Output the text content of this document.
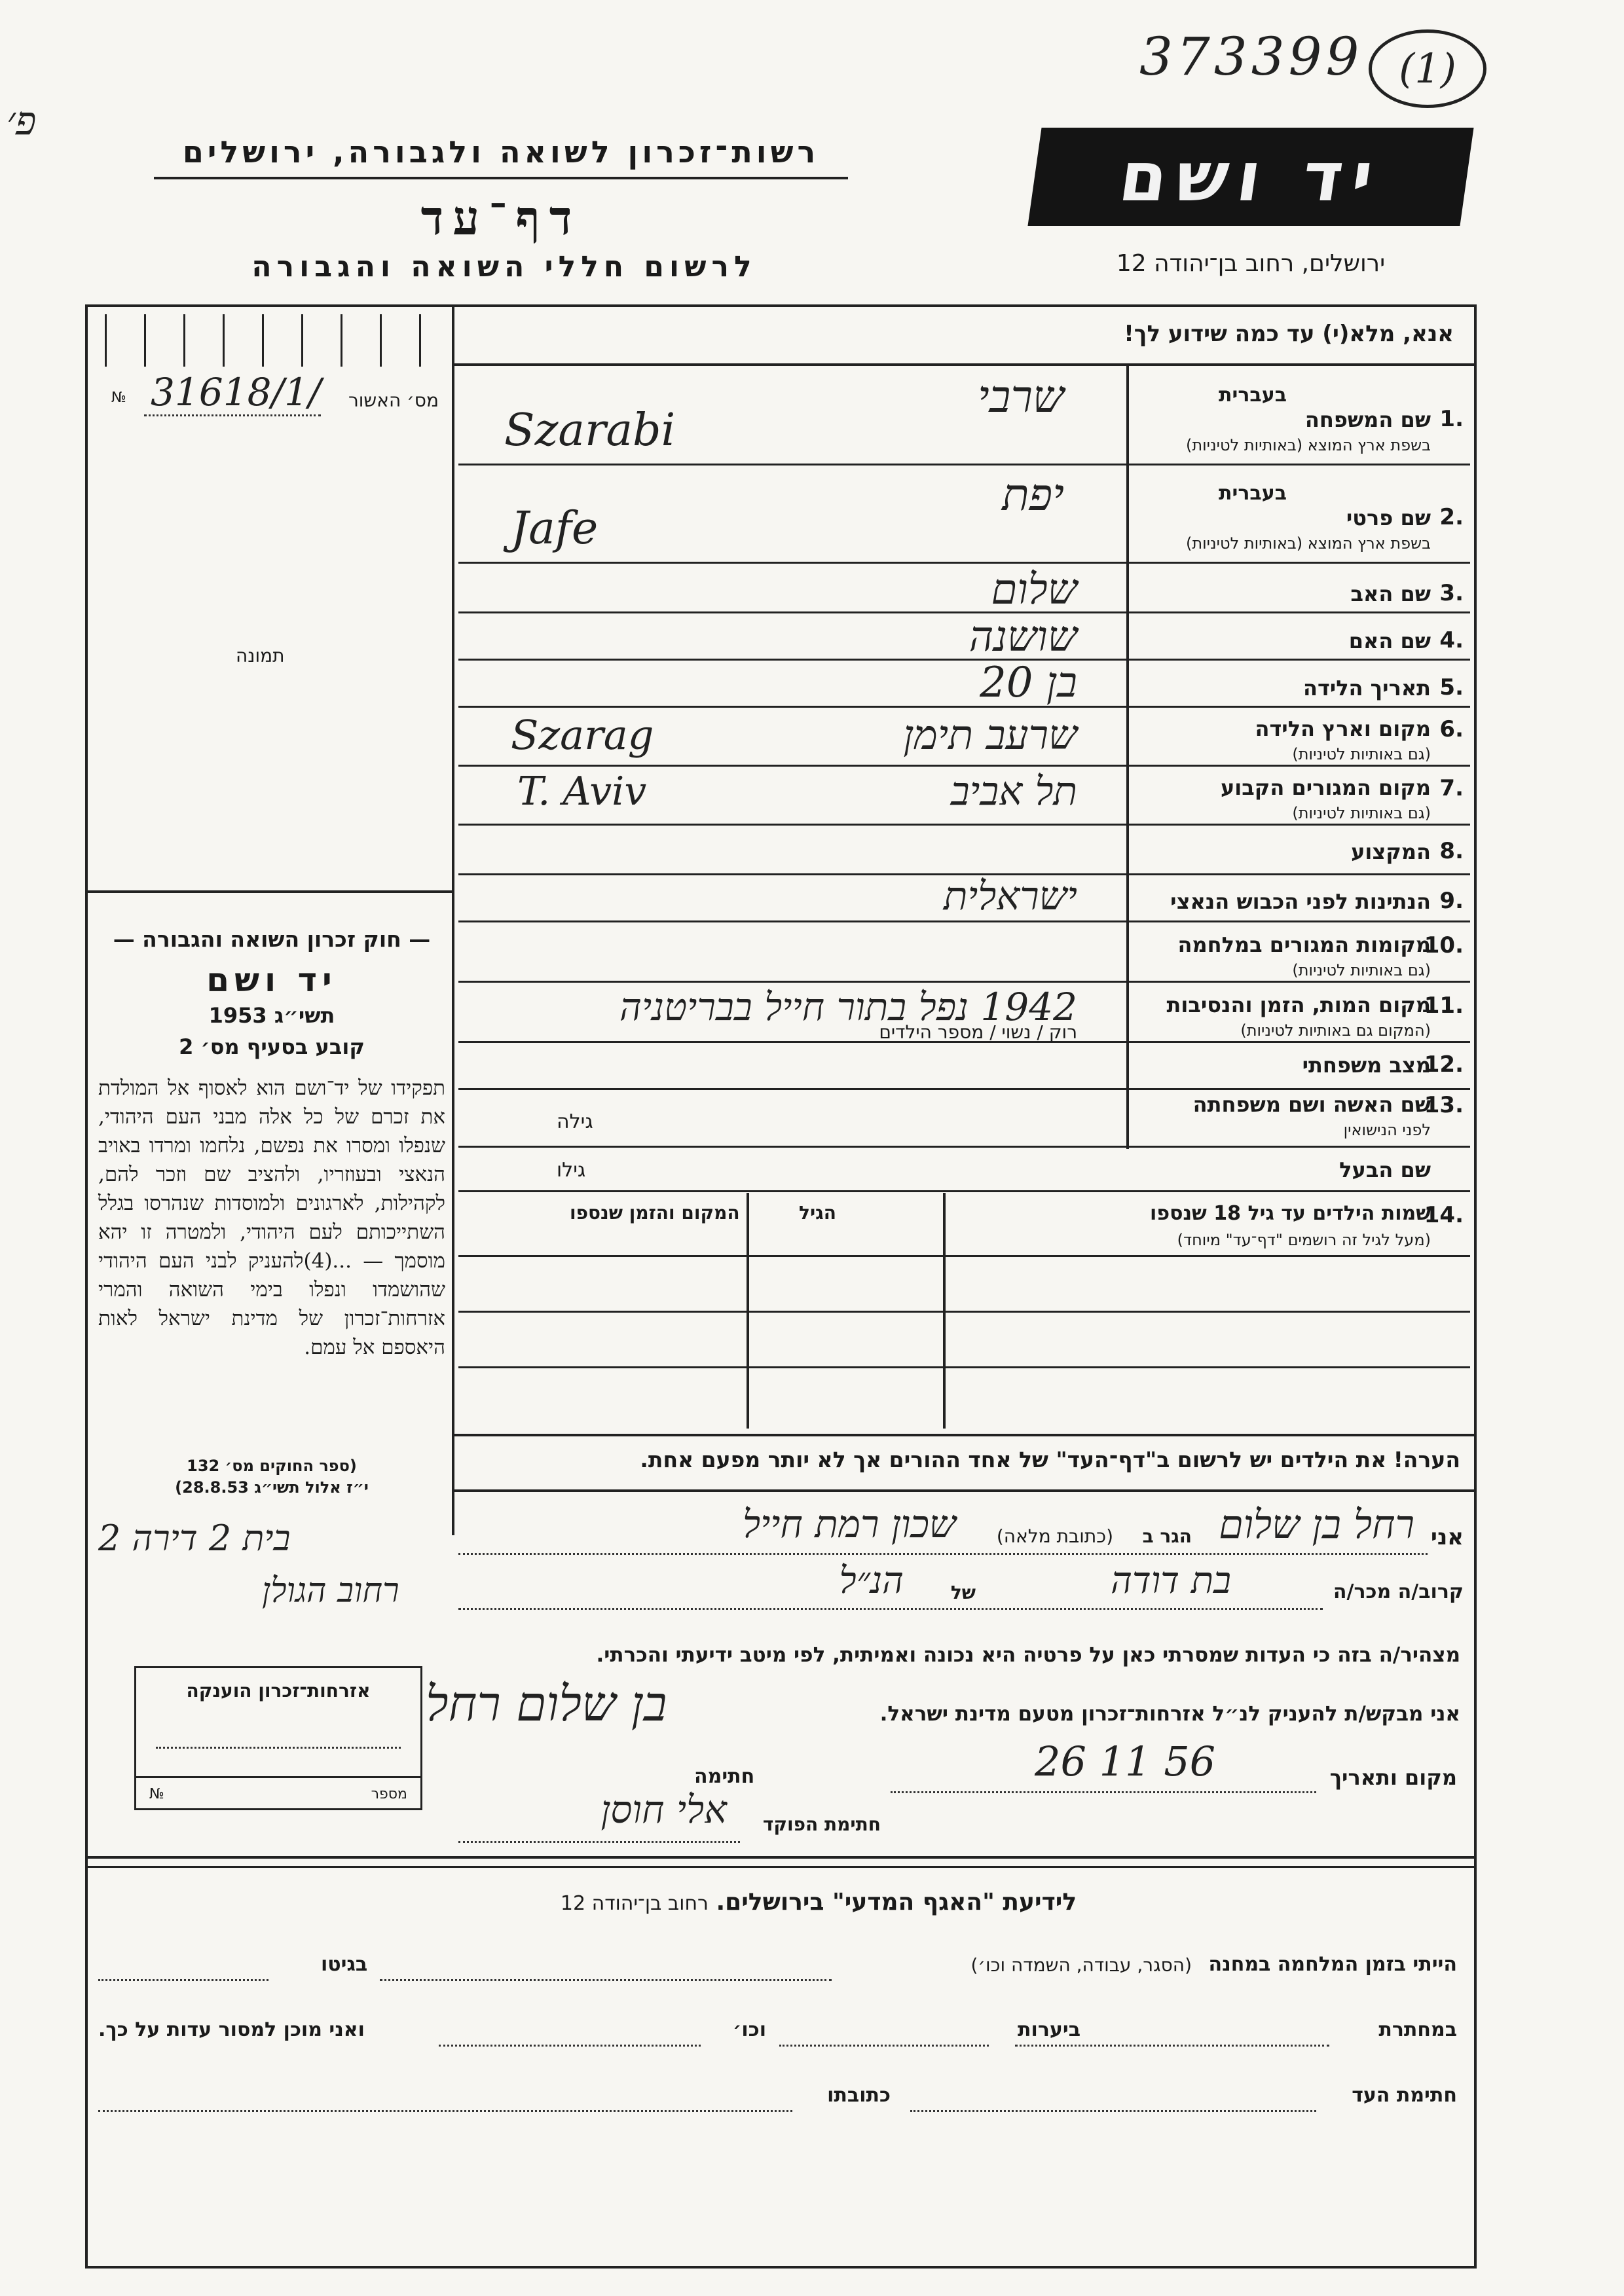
373399 (1)
פ׳
רשות־זכרון לשואה ולגבורה, ירושלים
דף־עד
לרשום חללי השואה והגבורה
יד ושם
ירושלים, רחוב בן־יהודה 12
№ 31618/1/ מס׳ האשור
תמונה
— חוק זכרון השואה והגבורה —
יד ושם
תשי״ג 1953
קובע בסעיף מס׳ 2
תפקידו של יד־ושם הוא לאסוף אל המולדת את זכרם של כל אלה מבני העם היהודי, שנפלו ומסרו את נפשם, נלחמו ומרדו באויב הנאצי ובעוזריו, ולהציב שם וזכר להם, לקהילות, לארגונים ולמוסדות שנהרסו בגלל השתייכותם לעם היהודי, ולמטרה זו יהא מוסמך — ...(4)להעניק לבני העם היהודי שהושמדו ונפלו בימי השואה והמרי אזרחות־זכרון של מדינת ישראל לאות היאספם אל עמם.
(ספר החוקים מס׳ 132
י״ז אלול תשי״ג 28.8.53)
אנא, מלא(י) עד כמה שידוע לך!
1.
בעברית
שם המשפחה
בשפת ארץ המוצא (באותיות לטיניות)
שרבי
Szarabi
2.
בעברית
שם פרטי
בשפת ארץ המוצא (באותיות לטיניות)
יפת
Jafe
3.
שם האב
שלום
4.
שם האם
שושנה
5.
תאריך הלידה
בן 20
6.
מקום וארץ הלידה
(גם באותיות לטיניות)
שרעב תימן
Szarag
7.
מקום המגורים הקבוע
(גם באותיות לטיניות)
תל אביב
T. Aviv
8.
המקצוע
9.
הנתינות לפני הכבוש הנאצי
ישראלית
10.
מקומות המגורים במלחמה
(גם באותיות לטיניות)
11.
מקום המות, הזמן והנסיבות
(המקום גם באותיות לטיניות)
1942 נפל בתור חייל בבריטניה
12.
מצב משפחתי
רוק / נשוי / מספר הילדים
13.
שם האשה ושם משפחתה
לפני הנישואין
גילה
שם הבעל
גילו
14.
שמות הילדים עד גיל 18 שנספו
(מעל לגיל זה רושמים "דף־עד" מיוחד)
הגיל
המקום והזמן שנספו
הערה! את הילדים יש לרשום ב"דף־העד" של אחד ההורים אך לא יותר מפעם אחת.
אני
רחל בן שלום
הגר ב
(כתובת מלאה)
שכון רמת חייל
בית 2 דירה 2
רחוב הגולן	קרוב/ה מכר/ה
בת דודה
של
הנ״ל
מצהיר/ה בזה כי העדות שמסרתי כאן על פרטיה היא נכונה ואמיתית, לפי מיטב ידיעתי והכרתי.
אני מבקש/ת להעניק לנ״ל אזרחות־זכרון מטעם מדינת ישראל.
אזרחות־זכרון הוענקה
№	מספר
מקום ותאריך
26 11 56
חתימה
בן שלום רחל
חתימת הפוקד
אלי חוסן
לידיעת "האגף המדעי" בירושלים. רחוב בן־יהודה 12
הייתי בזמן המלחמה במחנה
(הסגר, עבודה, השמדה וכו׳)
בגיטו
במחתרת
ביערות
וכו׳
ואני מוכן למסור עדות על כך.
חתימת העד
כתובתו
